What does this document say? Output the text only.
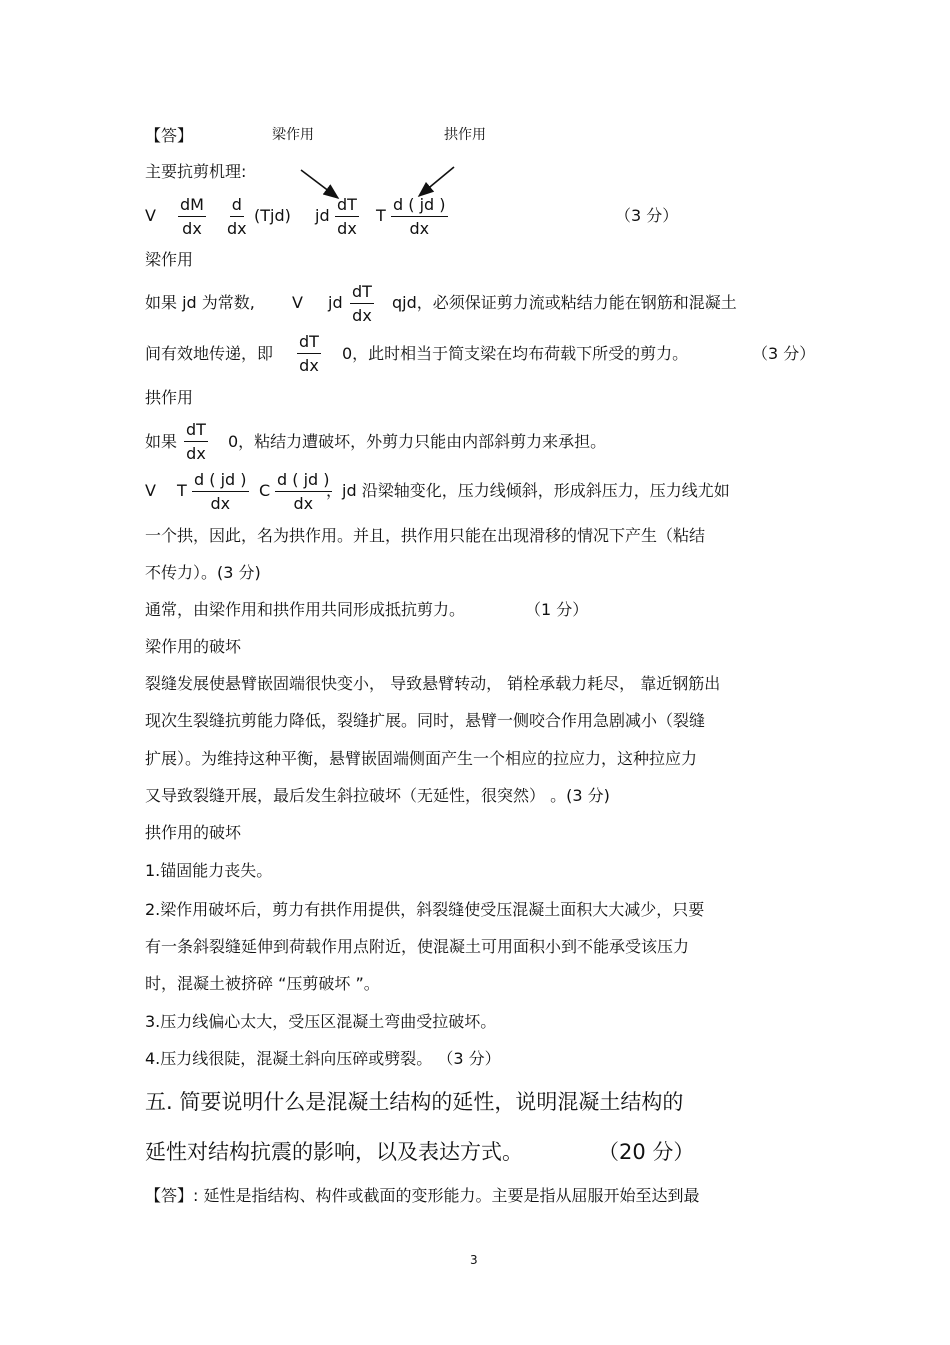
【答】	梁作用	拱作用
主要抗剪机理:
V $\frac{dM}{dx} \frac{d}{dx} (Tjd)$ jd $\frac{dT}{dx}$ T $\frac{d ( jd )}{dx}$	（3 分）
梁作用
如果 jd 为常数, V jd $\frac{dT}{dx}$ qjd，必须保证剪力流或粘结力能在钢筋和混凝土
间有效地传递，即 $\frac{dT}{dx} 0$，此时相当于简支梁在均布荷载下所受的剪力。	（3 分）
拱作用
如果 $\frac{dT}{dx} 0$，粘结力遭破坏，外剪力只能由内部斜剪力来承担。
V T $\frac{d ( jd )}{dx}$ C $\frac{d ( jd )}{dx}$
，jd 沿梁轴变化，压力线倾斜，形成斜压力，压力线尤如
一个拱，因此，名为拱作用。并且，拱作用只能在出现滑移的情况下产生（粘结
不传力）。(3 分)
通常，由梁作用和拱作用共同形成抵抗剪力。	（1 分）
梁作用的破坏
裂缝发展使悬臂嵌固端很快变小， 导致悬臂转动， 销栓承载力耗尽， 靠近钢筋出
现次生裂缝抗剪能力降低，裂缝扩展。同时，悬臂一侧咬合作用急剧减小（裂缝
扩展）。为维持这种平衡，悬臂嵌固端侧面产生一个相应的拉应力，这种拉应力
又导致裂缝开展，最后发生斜拉破坏（无延性，很突然） 。(3 分)
拱作用的破坏
1.锚固能力丧失。
2.梁作用破坏后，剪力有拱作用提供，斜裂缝使受压混凝土面积大大减少，只要
有一条斜裂缝延伸到荷载作用点附近，使混凝土可用面积小到不能承受该压力
时，混凝土被挤碎 “压剪破坏 ”。
3.压力线偏心太大，受压区混凝土弯曲受拉破坏。
4.压力线很陡，混凝土斜向压碎或劈裂。 （3 分）
五. 简要说明什么是混凝土结构的延性，说明混凝土结构的
延性对结构抗震的影响，以及表达方式。	（20 分）
【答】: 延性是指结构、构件或截面的变形能力。主要是指从屈服开始至达到最
3
